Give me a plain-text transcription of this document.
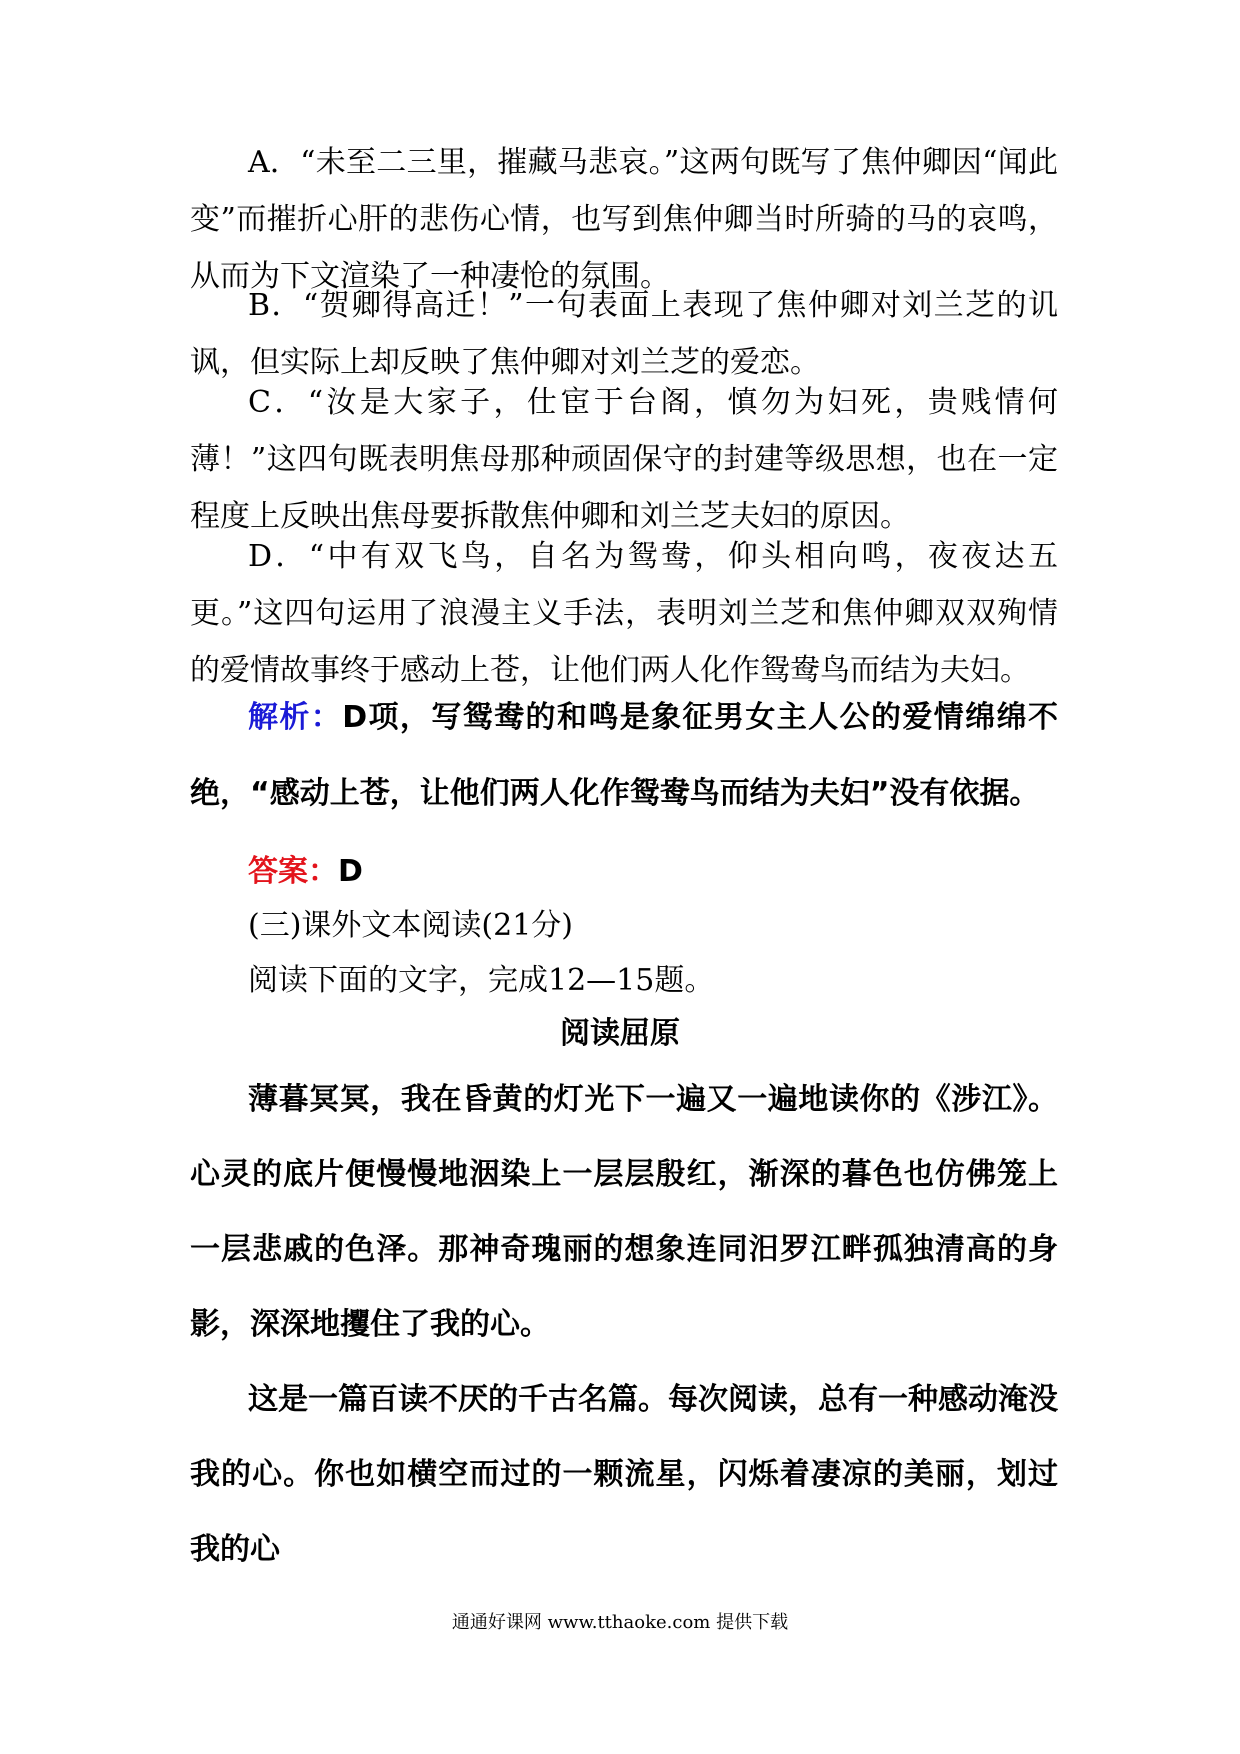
A．“未至二三里，摧藏马悲哀。”这两句既写了焦仲卿因“闻此变”而摧折心肝的悲伤心情，也写到焦仲卿当时所骑的马的哀鸣，从而为下文渲染了一种凄怆的氛围。

B．“贺卿得高迁！”一句表面上表现了焦仲卿对刘兰芝的讥讽，但实际上却反映了焦仲卿对刘兰芝的爱恋。

C．“汝是大家子，仕宦于台阁，慎勿为妇死，贵贱情何薄！”这四句既表明焦母那种顽固保守的封建等级思想，也在一定程度上反映出焦母要拆散焦仲卿和刘兰芝夫妇的原因。

D．“中有双飞鸟，自名为鸳鸯，仰头相向鸣，夜夜达五更。”这四句运用了浪漫主义手法，表明刘兰芝和焦仲卿双双殉情的爱情故事终于感动上苍，让他们两人化作鸳鸯鸟而结为夫妇。

解析：D项，写鸳鸯的和鸣是象征男女主人公的爱情绵绵不绝，“感动上苍，让他们两人化作鸳鸯鸟而结为夫妇”没有依据。

答案：D

(三)课外文本阅读(21分)

阅读下面的文字，完成12—15题。

阅读屈原

薄暮冥冥，我在昏黄的灯光下一遍又一遍地读你的《涉江》。心灵的底片便慢慢地洇染上一层层殷红，渐深的暮色也仿佛笼上一层悲戚的色泽。那神奇瑰丽的想象连同汨罗江畔孤独清高的身影，深深地攫住了我的心。

这是一篇百读不厌的千古名篇。每次阅读，总有一种感动淹没我的心。你也如横空而过的一颗流星，闪烁着凄凉的美丽，划过我的心

通通好课网 www.tthaoke.com 提供下载
